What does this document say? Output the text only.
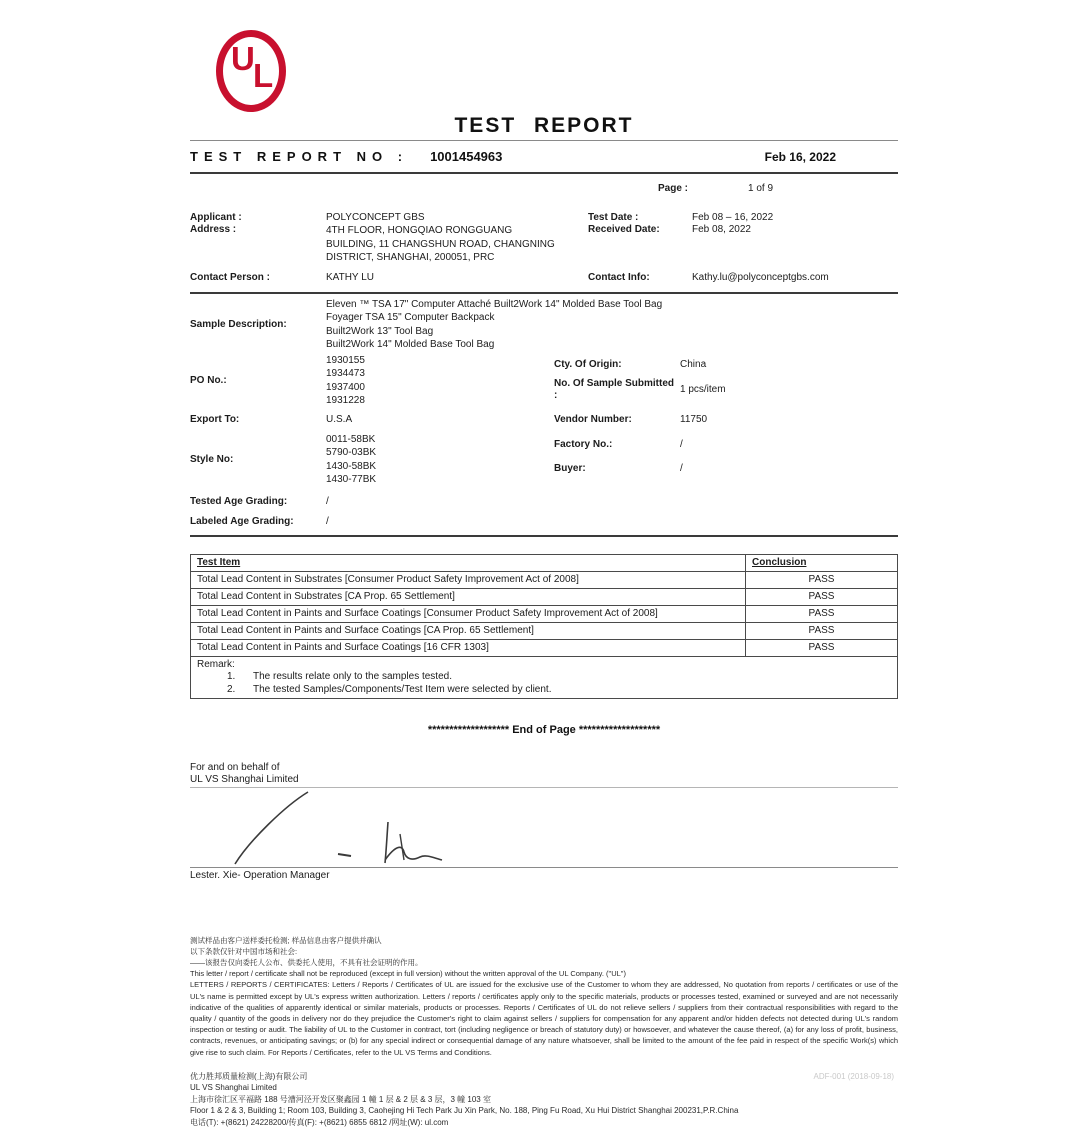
U
L
TEST REPORT
TEST REPORT NO : 1001454963	Feb 16, 2022
Page :	1 of 9
Applicant :	POLYCONCEPT GBS	Test Date :	Feb 08 – 16, 2022
Address :	4TH FLOOR, HONGQIAO RONGGUANG
BUILDING, 11 CHANGSHUN ROAD, CHANGNING
DISTRICT, SHANGHAI, 200051, PRC
Received Date:	Feb 08, 2022
Contact Person :	KATHY LU	Contact Info:	Kathy.lu@polyconceptgbs.com
Sample Description:
Eleven ™ TSA 17" Computer Attaché Built2Work 14" Molded Base Tool Bag
Foyager TSA 15" Computer Backpack
Built2Work 13" Tool Bag
Built2Work 14" Molded Base Tool Bag
PO No.:
1930155
1934473
1937400
1931228
Cty. Of Origin:	China
No. Of Sample Submitted :	1 pcs/item
Export To:	U.S.A	Vendor Number:	11750
Style No:
0011-58BK
5790-03BK
1430-58BK
1430-77BK
Factory No.:	/
Buyer:	/
Tested Age Grading:	/
Labeled Age Grading:	/
Test Item	Conclusion
Total Lead Content in Substrates [Consumer Product Safety Improvement Act of 2008]	PASS
Total Lead Content in Substrates [CA Prop. 65 Settlement]	PASS
Total Lead Content in Paints and Surface Coatings [Consumer Product Safety Improvement Act of 2008]	PASS
Total Lead Content in Paints and Surface Coatings [CA Prop. 65 Settlement]	PASS
Total Lead Content in Paints and Surface Coatings [16 CFR 1303]	PASS

Remark:
1. The results relate only to the samples tested.
2. The tested Samples/Components/Test Item were selected by client.	
******************* End of Page *******************
For and on behalf of
UL VS Shanghai Limited
Lester. Xie- Operation Manager
测试样品由客户送样委托检测; 样品信息由客户提供并确认
以下条款仅针对中国市场和社会:
——该报告仅向委托人公布、供委托人使用，不具有社会证明的作用。
This letter / report / certificate shall not be reproduced (except in full version) without the written approval of the UL Company. ("UL")
LETTERS / REPORTS / CERTIFICATES: Letters / Reports / Certificates of UL are issued for the exclusive use of the Customer to whom they are addressed, No quotation from reports / certificates or use of the UL's name is permitted except by UL's express written authorization. Letters / reports / certificates apply only to the specific materials, products or processes tested, examined or surveyed and are not necessarily indicative of the qualities of apparently identical or similar materials, products or processes. Reports / Certificates of UL do not relieve sellers / suppliers from their contractual responsibilities with regard to the quality / quantity of the goods in delivery nor do they prejudice the Customer's right to claim against sellers / suppliers for compensation for any apparent and/or hidden defects not detected during UL's random inspection or testing or audit. The liability of UL to the Customer in contract, tort (including negligence or breach of statutory duty) or howsoever, and whatever the cause thereof, (a) for any loss of profit, business, contracts, revenues, or anticipating savings; or (b) for any special indirect or consequential damage of any nature whatsoever, shall be limited to the amount of the fee paid in respect of the specific Work(s) which give rise to such claim. For Reports / Certificates, refer to the UL VS Terms and Conditions.
ADF-001 (2018-09-18)
优力胜邦质量检测(上海)有限公司
UL VS Shanghai Limited
上海市徐汇区平福路 188 号漕河泾开发区聚鑫园 1 幢 1 层 & 2 层 & 3 层，3 幢 103 室
Floor 1 & 2 & 3, Building 1; Room 103, Building 3, Caohejing Hi Tech Park Ju Xin Park, No. 188, Ping Fu Road, Xu Hui District Shanghai 200231,P.R.China
电话(T): +(8621) 24228200/传真(F): +(8621) 6855 6812 /网址(W): ul.com
